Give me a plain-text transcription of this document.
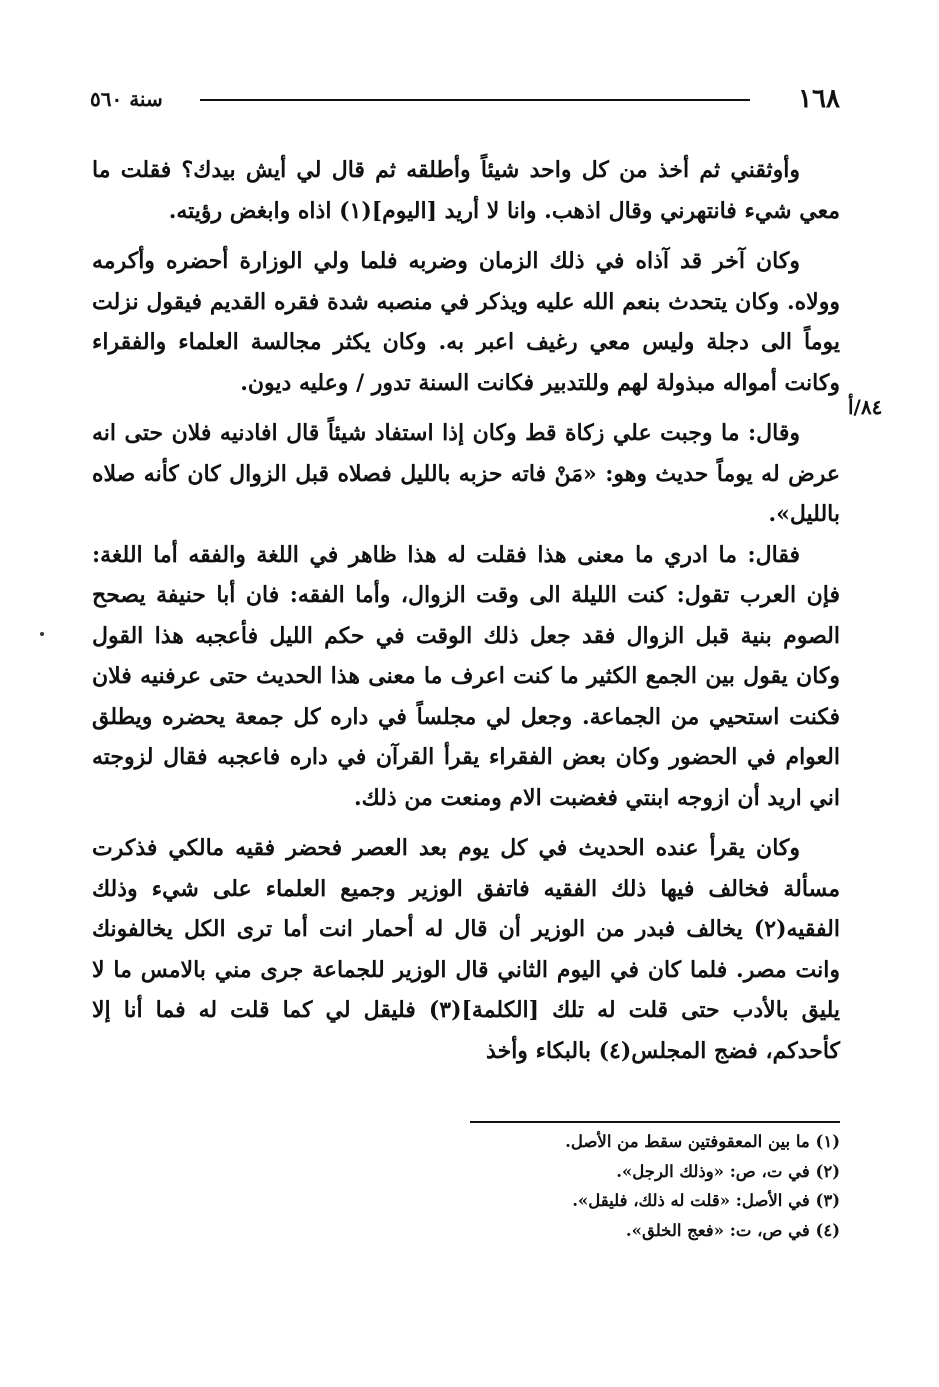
١٦٨
سنة ٥٦٠
٨٤/أ

وأوثقني ثم أخذ من كل واحد شيئاً وأطلقه ثم قال لي أيش بيدك؟ فقلت ما معي شيء فانتهرني وقال اذهب. وانا لا أريد [اليوم](١) اذاه وابغض رؤيته.

وكان آخر قد آذاه في ذلك الزمان وضربه فلما ولي الوزارة أحضره وأكرمه وولاه. وكان يتحدث بنعم الله عليه ويذكر في منصبه شدة فقره القديم فيقول نزلت يوماً الى دجلة وليس معي رغيف اعبر به. وكان يكثر مجالسة العلماء والفقراء وكانت أمواله مبذولة لهم وللتدبير فكانت السنة تدور / وعليه ديون.

وقال: ما وجبت علي زكاة قط وكان إذا استفاد شيئاً قال افادنيه فلان حتى انه عرض له يوماً حديث وهو: «مَنْ فاته حزبه بالليل فصلاه قبل الزوال كان كأنه صلاه بالليل».

فقال: ما ادري ما معنى هذا فقلت له هذا ظاهر في اللغة والفقه أما اللغة: فإن العرب تقول: كنت الليلة الى وقت الزوال، وأما الفقه: فان أبا حنيفة يصحح الصوم بنية قبل الزوال فقد جعل ذلك الوقت في حكم الليل فأعجبه هذا القول وكان يقول بين الجمع الكثير ما كنت اعرف ما معنى هذا الحديث حتى عرفنيه فلان فكنت استحيي من الجماعة. وجعل لي مجلساً في داره كل جمعة يحضره ويطلق العوام في الحضور وكان بعض الفقراء يقرأ القرآن في داره فاعجبه فقال لزوجته اني اريد أن ازوجه ابنتي فغضبت الام ومنعت من ذلك.

وكان يقرأ عنده الحديث في كل يوم بعد العصر فحضر فقيه مالكي فذكرت مسألة فخالف فيها ذلك الفقيه فاتفق الوزير وجميع العلماء على شيء وذلك الفقيه(٢) يخالف فبدر من الوزير أن قال له أحمار انت أما ترى الكل يخالفونك وانت مصر. فلما كان في اليوم الثاني قال الوزير للجماعة جرى مني بالامس ما لا يليق بالأدب حتى قلت له تلك [الكلمة](٣) فليقل لي كما قلت له فما أنا إلا كأحدكم، فضج المجلس(٤) بالبكاء وأخذ

(١) ما بين المعقوفتين سقط من الأصل.

(٢) في ت، ص: «وذلك الرجل».

(٣) في الأصل: «قلت له ذلك، فليقل».

(٤) في ص، ت: «فعج الخلق».
